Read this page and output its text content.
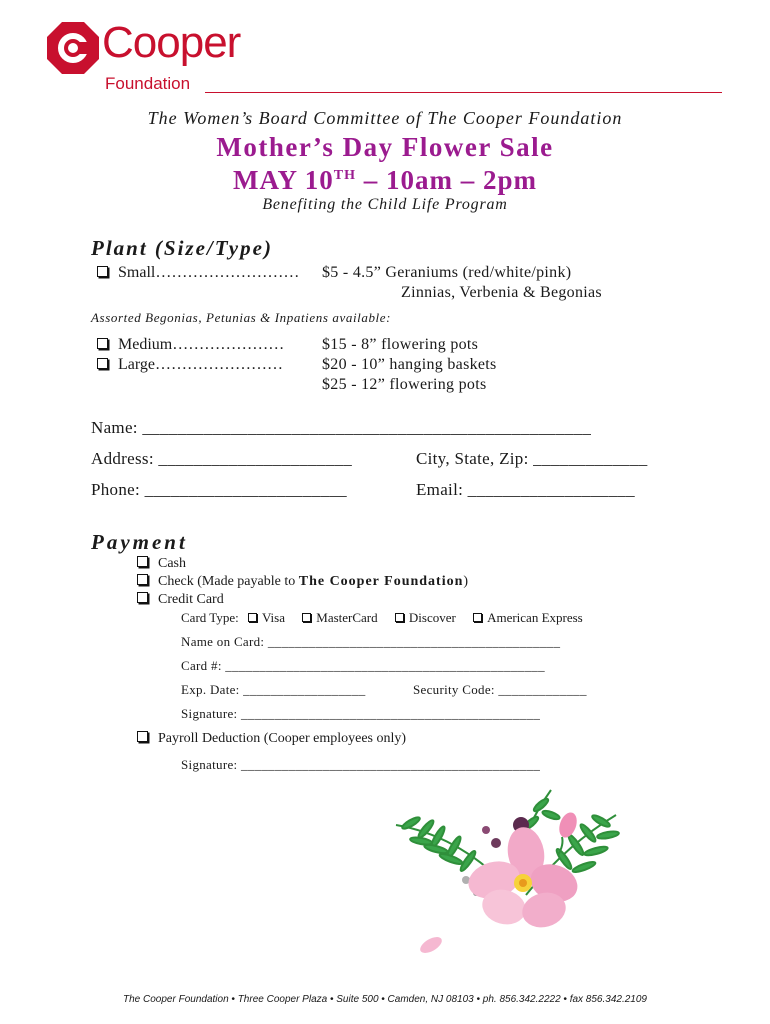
Cooper
Foundation
The Women’s Board Committee of The Cooper Foundation
Mother’s Day Flower Sale
MAY 10TH – 10am – 2pm
Benefiting the Child Life Program
Plant (Size/Type)
Small……………………… $5 - 4.5” Geraniums (red/white/pink)
Zinnias, Verbenia & Begonias
Assorted Begonias, Petunias & Inpatiens available:
Medium………………… $15 - 8” flowering pots
Large…………………… $20 - 10” hanging baskets
$25 - 12” flowering pots
Name: ___________________________________________________
Address: ______________________	City, State, Zip: _____________
Phone: _______________________	Email: ___________________
Payment
Cash
Check (Made payable to The Cooper Foundation)
Credit Card
Card Type: Visa MasterCard Discover American Express
Name on Card: ___________________________________________
Card #: _______________________________________________
Exp. Date: __________________	Security Code: _____________
Signature: ____________________________________________
Payroll Deduction (Cooper employees only)
Signature: ____________________________________________
The Cooper Foundation • Three Cooper Plaza • Suite 500 • Camden, NJ 08103 • ph. 856.342.2222 • fax 856.342.2109
